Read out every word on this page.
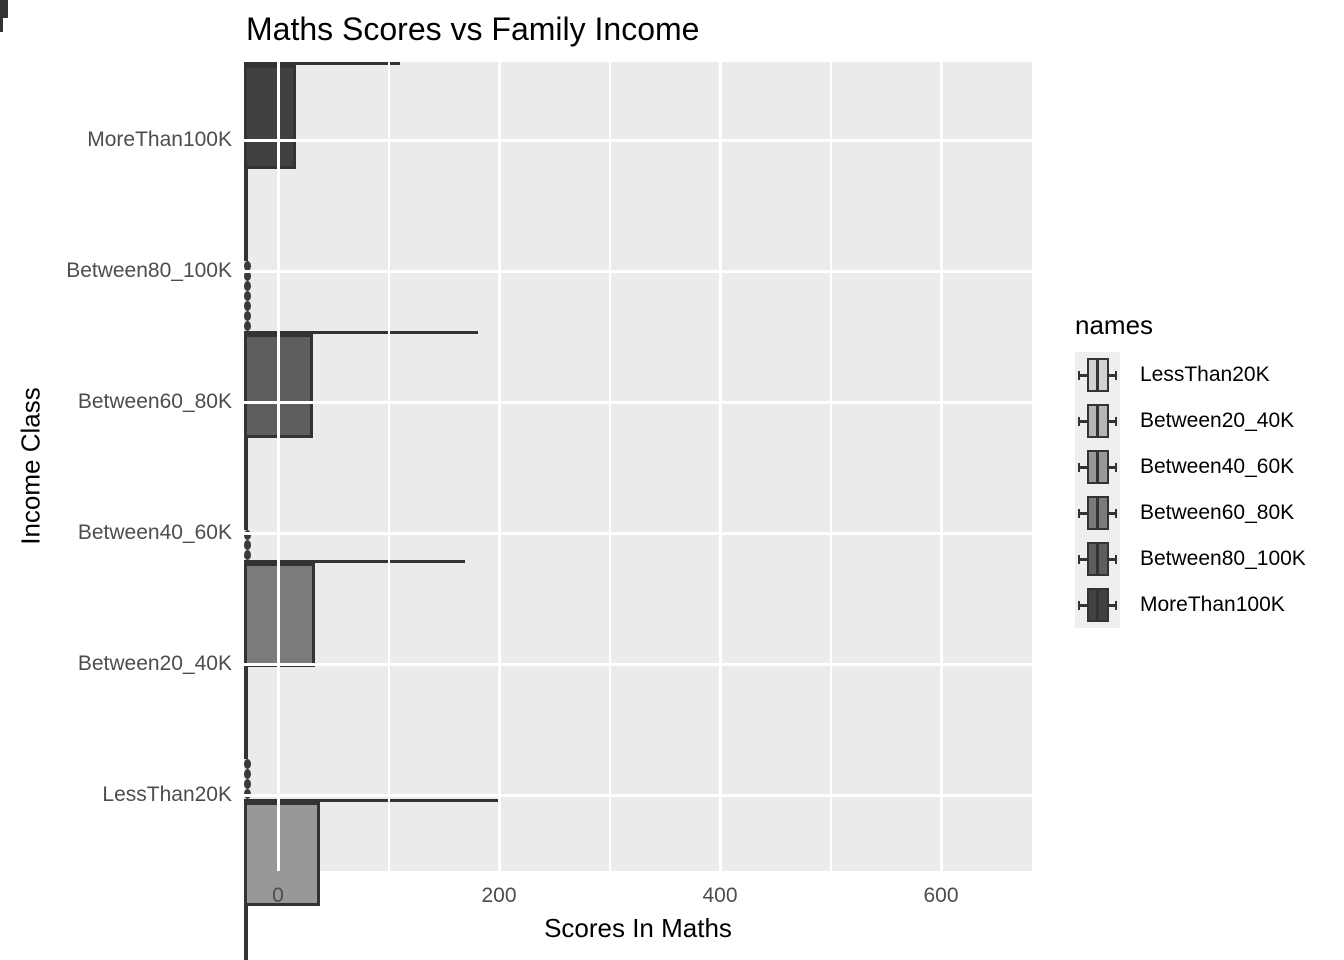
Maths Scores vs Family Income
Income Class
MoreThan100K
Between80_100K
Between60_80K
Between40_60K
Between20_40K
LessThan20K
0	200	400	600
Scores In Maths
names
LessThan20K
Between20_40K
Between40_60K
Between60_80K
Between80_100K
MoreThan100K
